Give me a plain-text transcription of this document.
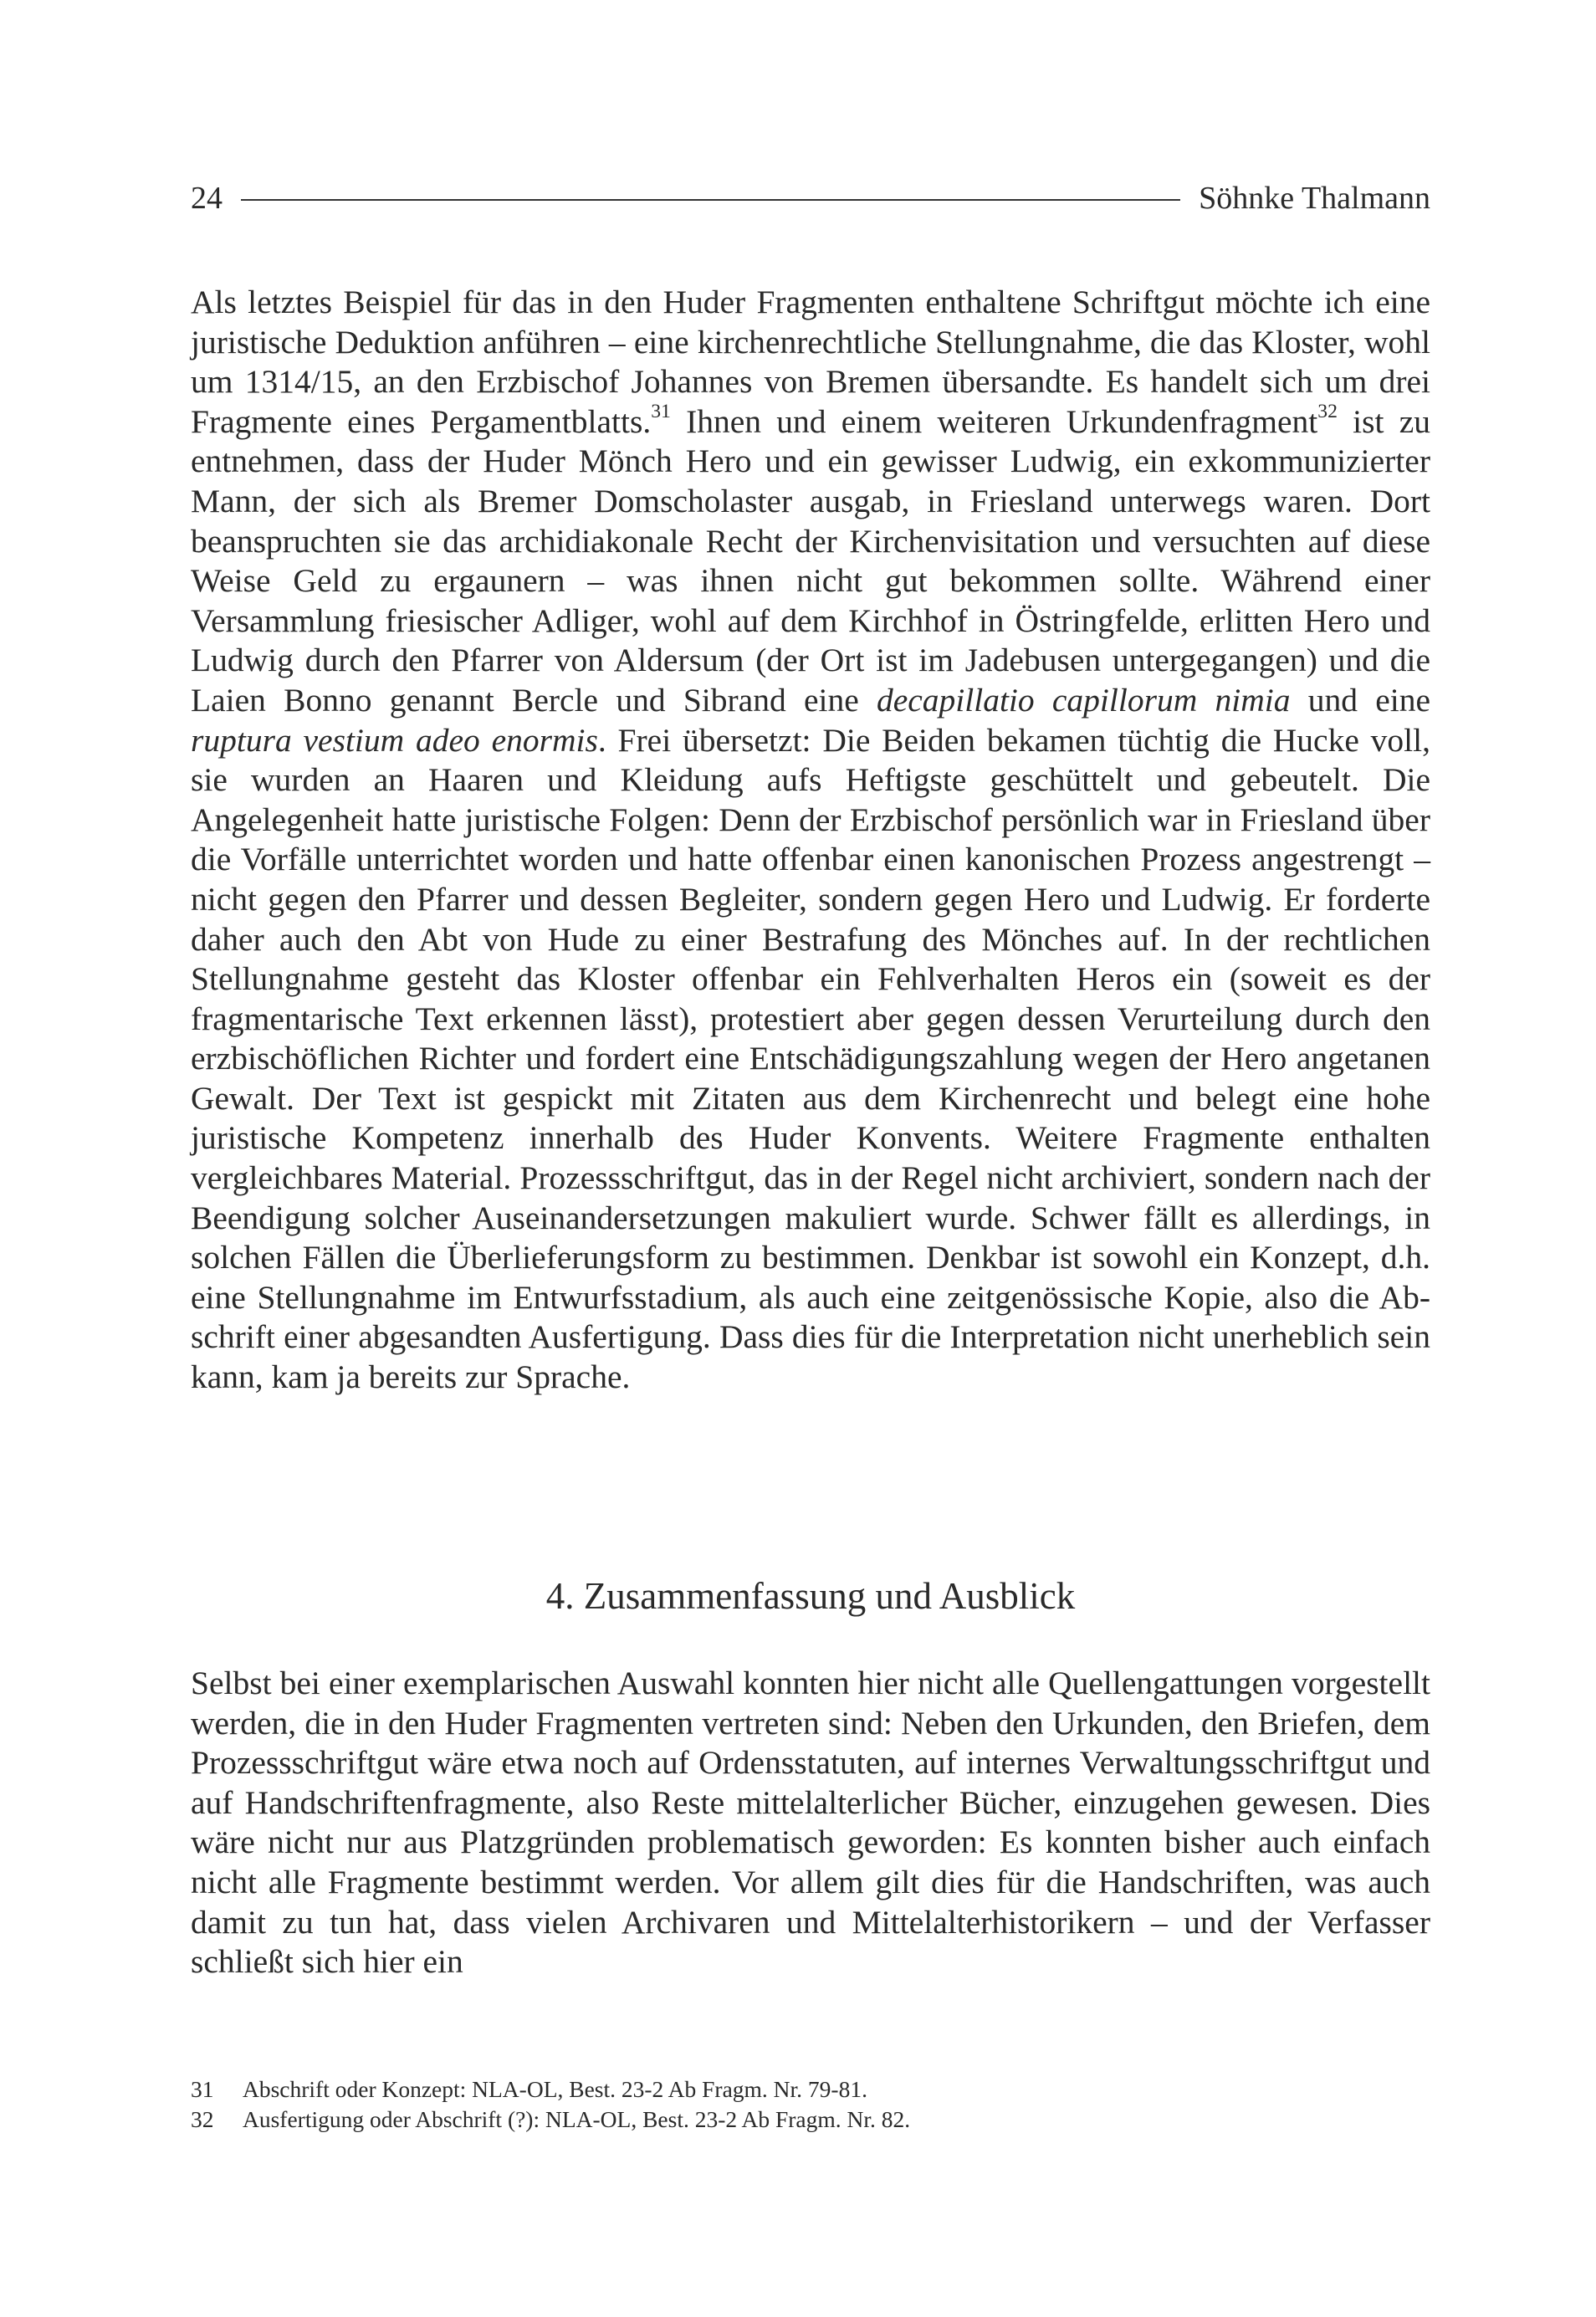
24	Söhnke Thalmann

Als letztes Beispiel für das in den Huder Fragmenten enthaltene Schriftgut möchte ich eine juristische Deduktion anführen – eine kirchenrechtliche Stellungnahme, die das Kloster, wohl um 1314/15, an den Erzbischof Johannes von Bremen übersandte. Es handelt sich um drei Fragmente eines Pergamentblatts.$^{31}$ Ihnen und einem weiteren Urkundenfragment$^{32}$ ist zu entnehmen, dass der Huder Mönch Hero und ein gewisser Ludwig, ein exkommunizierter Mann, der sich als Bremer Domscholaster ausgab, in Friesland unterwegs waren. Dort beanspruchten sie das archidiakonale Recht der Kirchenvisitation und versuchten auf diese Weise Geld zu ergaunern – was ihnen nicht gut bekommen sollte. Während einer Versammlung friesischer Adliger, wohl auf dem Kirchhof in Östringfelde, erlitten Hero und Ludwig durch den Pfarrer von Aldersum (der Ort ist im Jadebusen untergegangen) und die Laien Bonno genannt Bercle und Sibrand eine decapillatio capillorum nimia und eine ruptura vestium adeo enormis. Frei übersetzt: Die Beiden bekamen tüchtig die Hucke voll, sie wurden an Haaren und Kleidung aufs Heftigste geschüttelt und gebeutelt. Die Angelegenheit hatte juristische Folgen: Denn der Erzbischof persönlich war in Friesland über die Vorfälle unterrichtet worden und hatte offenbar einen kanonischen Prozess angestrengt – nicht gegen den Pfarrer und dessen Begleiter, sondern gegen Hero und Ludwig. Er forderte daher auch den Abt von Hude zu einer Bestrafung des Mönches auf. In der rechtlichen Stellungnahme gesteht das Kloster offenbar ein Fehlverhalten Heros ein (soweit es der fragmentarische Text erkennen lässt), protestiert aber gegen dessen Verurteilung durch den erzbischöflichen Richter und fordert eine Entschädigungszahlung wegen der Hero angetanen Gewalt. Der Text ist gespickt mit Zitaten aus dem Kirchenrecht und belegt eine hohe juristische Kompetenz innerhalb des Huder Konvents. Weitere Fragmente enthalten vergleichbares Material. Prozessschriftgut, das in der Regel nicht archiviert, sondern nach der Beendigung solcher Auseinandersetzungen makuliert wurde. Schwer fällt es allerdings, in solchen Fällen die Überlieferungsform zu bestimmen. Denkbar ist sowohl ein Konzept, d.h. eine Stellungnahme im Entwurfsstadium, als auch eine zeitgenössische Kopie, also die Abschrift einer abgesandten Ausfertigung. Dass dies für die Interpretation nicht unerheblich sein kann, kam ja bereits zur Sprache.

4. Zusammenfassung und Ausblick

Selbst bei einer exemplarischen Auswahl konnten hier nicht alle Quellengattungen vorgestellt werden, die in den Huder Fragmenten vertreten sind: Neben den Urkunden, den Briefen, dem Prozessschriftgut wäre etwa noch auf Ordensstatuten, auf internes Verwaltungsschriftgut und auf Handschriftenfragmente, also Reste mittelalterlicher Bücher, einzugehen gewesen. Dies wäre nicht nur aus Platzgründen problematisch geworden: Es konnten bisher auch einfach nicht alle Fragmente bestimmt werden. Vor allem gilt dies für die Handschriften, was auch damit zu tun hat, dass vielen Archivaren und Mittelalterhistorikern – und der Verfasser schließt sich hier ein

31	Abschrift oder Konzept: NLA-OL, Best. 23-2 Ab Fragm. Nr. 79-81.
32	Ausfertigung oder Abschrift (?): NLA-OL, Best. 23-2 Ab Fragm. Nr. 82.
